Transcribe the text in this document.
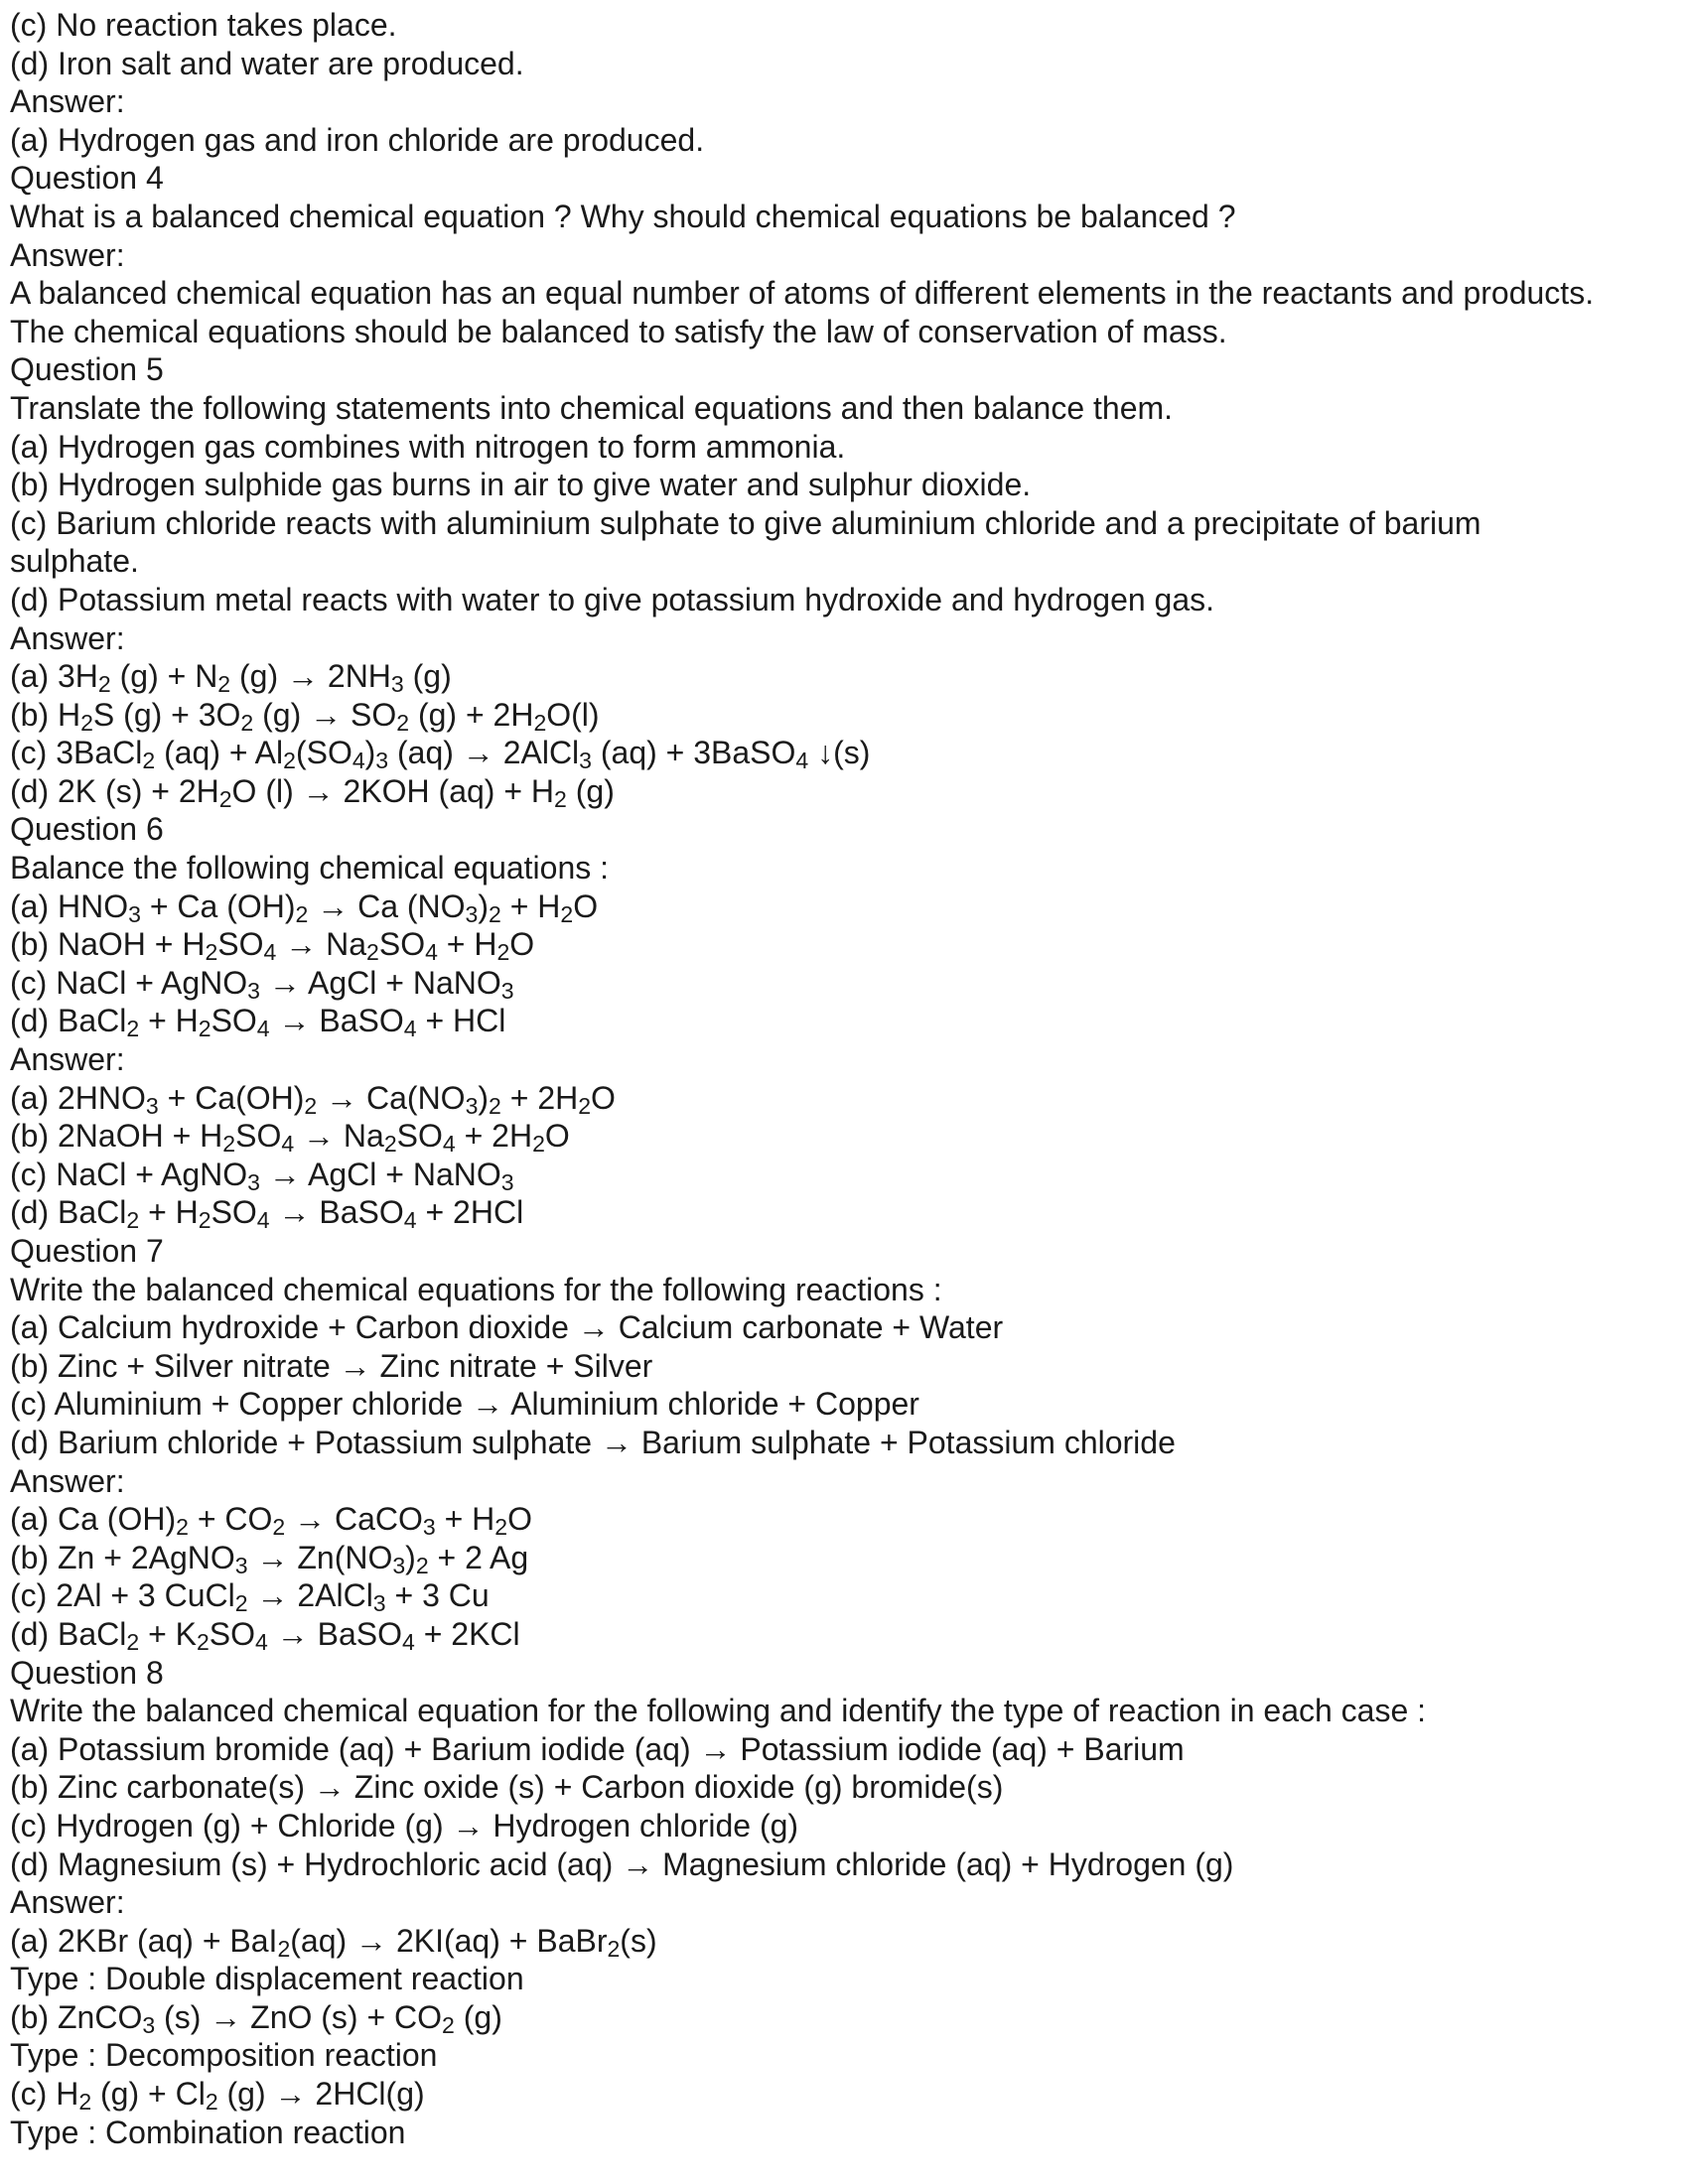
(c) No reaction takes place.
(d) Iron salt and water are produced.
Answer:
(a) Hydrogen gas and iron chloride are produced.
Question 4
What is a balanced chemical equation ? Why should chemical equations be balanced ?
Answer:
A balanced chemical equation has an equal number of atoms of different elements in the reactants and products.
The chemical equations should be balanced to satisfy the law of conservation of mass.
Question 5
Translate the following statements into chemical equations and then balance them.
(a) Hydrogen gas combines with nitrogen to form ammonia.
(b) Hydrogen sulphide gas burns in air to give water and sulphur dioxide.
(c) Barium chloride reacts with aluminium sulphate to give aluminium chloride and a precipitate of barium
sulphate.
(d) Potassium metal reacts with water to give potassium hydroxide and hydrogen gas.
Answer:
(a) 3H2 (g) + N2 (g) → 2NH3 (g)
(b) H2S (g) + 3O2 (g) → SO2 (g) + 2H2O(l)
(c) 3BaCl2 (aq) + Al2(SO4)3 (aq) → 2AlCl3 (aq) + 3BaSO4 ↓(s)
(d) 2K (s) + 2H2O (l) → 2KOH (aq) + H2 (g)
Question 6
Balance the following chemical equations :
(a) HNO3 + Ca (OH)2 → Ca (NO3)2 + H2O
(b) NaOH + H2SO4 → Na2SO4 + H2O
(c) NaCl + AgNO3 → AgCl + NaNO3
(d) BaCl2 + H2SO4 → BaSO4 + HCl
Answer:
(a) 2HNO3 + Ca(OH)2 → Ca(NO3)2 + 2H2O
(b) 2NaOH + H2SO4 → Na2SO4 + 2H2O
(c) NaCl + AgNO3 → AgCl + NaNO3
(d) BaCl2 + H2SO4 → BaSO4 + 2HCl
Question 7
Write the balanced chemical equations for the following reactions :
(a) Calcium hydroxide + Carbon dioxide → Calcium carbonate + Water
(b) Zinc + Silver nitrate → Zinc nitrate + Silver
(c) Aluminium + Copper chloride → Aluminium chloride + Copper
(d) Barium chloride + Potassium sulphate → Barium sulphate + Potassium chloride
Answer:
(a) Ca (OH)2 + CO2 → CaCO3 + H2O
(b) Zn + 2AgNO3 → Zn(NO3)2 + 2 Ag
(c) 2Al + 3 CuCl2 → 2AlCl3 + 3 Cu
(d) BaCl2 + K2SO4 → BaSO4 + 2KCl
Question 8
Write the balanced chemical equation for the following and identify the type of reaction in each case :
(a) Potassium bromide (aq) + Barium iodide (aq) → Potassium iodide (aq) + Barium
(b) Zinc carbonate(s) → Zinc oxide (s) + Carbon dioxide (g) bromide(s)
(c) Hydrogen (g) + Chloride (g) → Hydrogen chloride (g)
(d) Magnesium (s) + Hydrochloric acid (aq) → Magnesium chloride (aq) + Hydrogen (g)
Answer:
(a) 2KBr (aq) + BaI2(aq) → 2KI(aq) + BaBr2(s)
Type : Double displacement reaction
(b) ZnCO3 (s) → ZnO (s) + CO2 (g)
Type : Decomposition reaction
(c) H2 (g) + Cl2 (g) → 2HCl(g)
Type : Combination reaction
